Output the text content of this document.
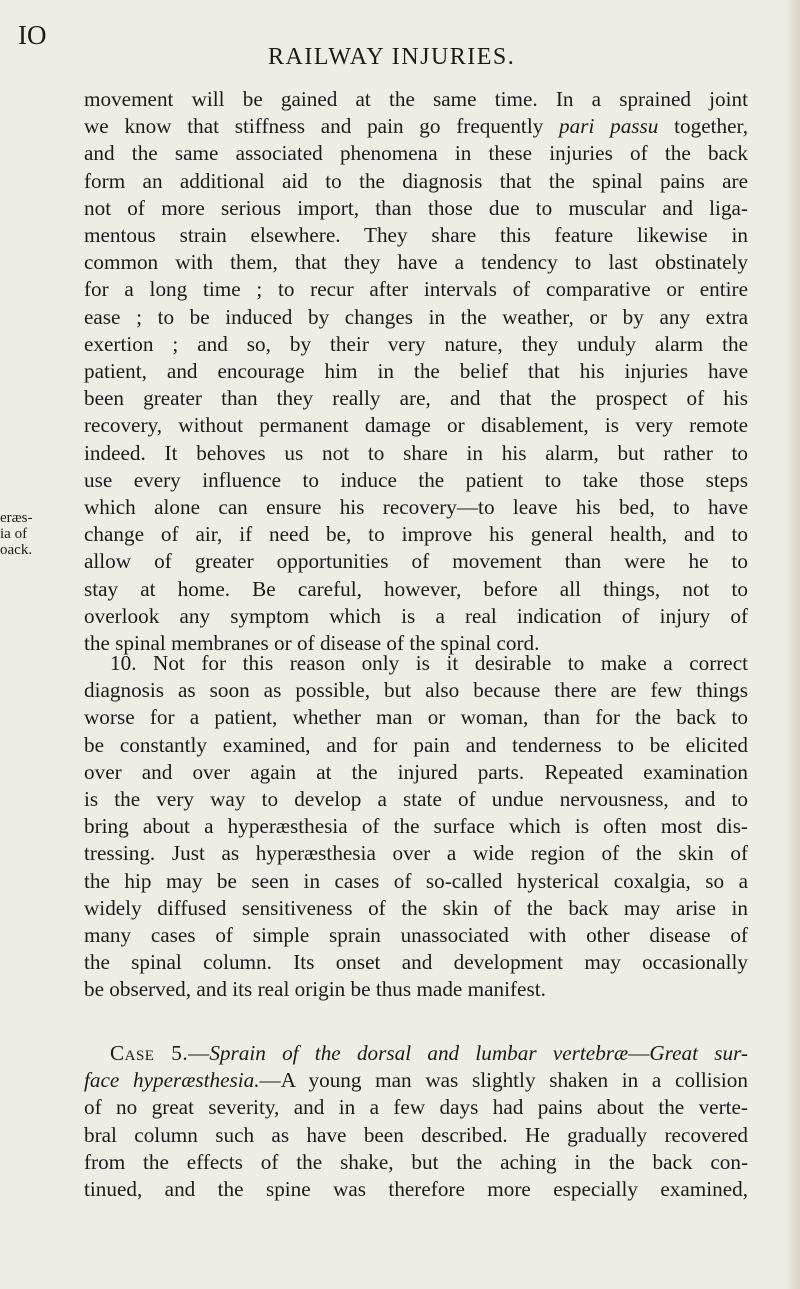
IO
RAILWAY INJURIES.
eræs-
ia of
oack.
movement will be gained at the same time. In a sprained joint
we know that stiffness and pain go frequently pari passu together,
and the same associated phenomena in these injuries of the back
form an additional aid to the diagnosis that the spinal pains are
not of more serious import, than those due to muscular and liga-
mentous strain elsewhere. They share this feature likewise in
common with them, that they have a tendency to last obstinately
for a long time ; to recur after intervals of comparative or entire
ease ; to be induced by changes in the weather, or by any extra
exertion ; and so, by their very nature, they unduly alarm the
patient, and encourage him in the belief that his injuries have
been greater than they really are, and that the prospect of his
recovery, without permanent damage or disablement, is very remote
indeed. It behoves us not to share in his alarm, but rather to
use every influence to induce the patient to take those steps
which alone can ensure his recovery—to leave his bed, to have
change of air, if need be, to improve his general health, and to
allow of greater opportunities of movement than were he to
stay at home. Be careful, however, before all things, not to
overlook any symptom which is a real indication of injury of
the spinal membranes or of disease of the spinal cord.
10. Not for this reason only is it desirable to make a correct
diagnosis as soon as possible, but also because there are few things
worse for a patient, whether man or woman, than for the back to
be constantly examined, and for pain and tenderness to be elicited
over and over again at the injured parts. Repeated examination
is the very way to develop a state of undue nervousness, and to
bring about a hyperæsthesia of the surface which is often most dis-
tressing. Just as hyperæsthesia over a wide region of the skin of
the hip may be seen in cases of so-called hysterical coxalgia, so a
widely diffused sensitiveness of the skin of the back may arise in
many cases of simple sprain unassociated with other disease of
the spinal column. Its onset and development may occasionally
be observed, and its real origin be thus made manifest.
Case 5.—Sprain of the dorsal and lumbar vertebræ—Great sur-
face hyperæsthesia.—A young man was slightly shaken in a collision
of no great severity, and in a few days had pains about the verte-
bral column such as have been described. He gradually recovered
from the effects of the shake, but the aching in the back con-
tinued, and the spine was therefore more especially examined,
